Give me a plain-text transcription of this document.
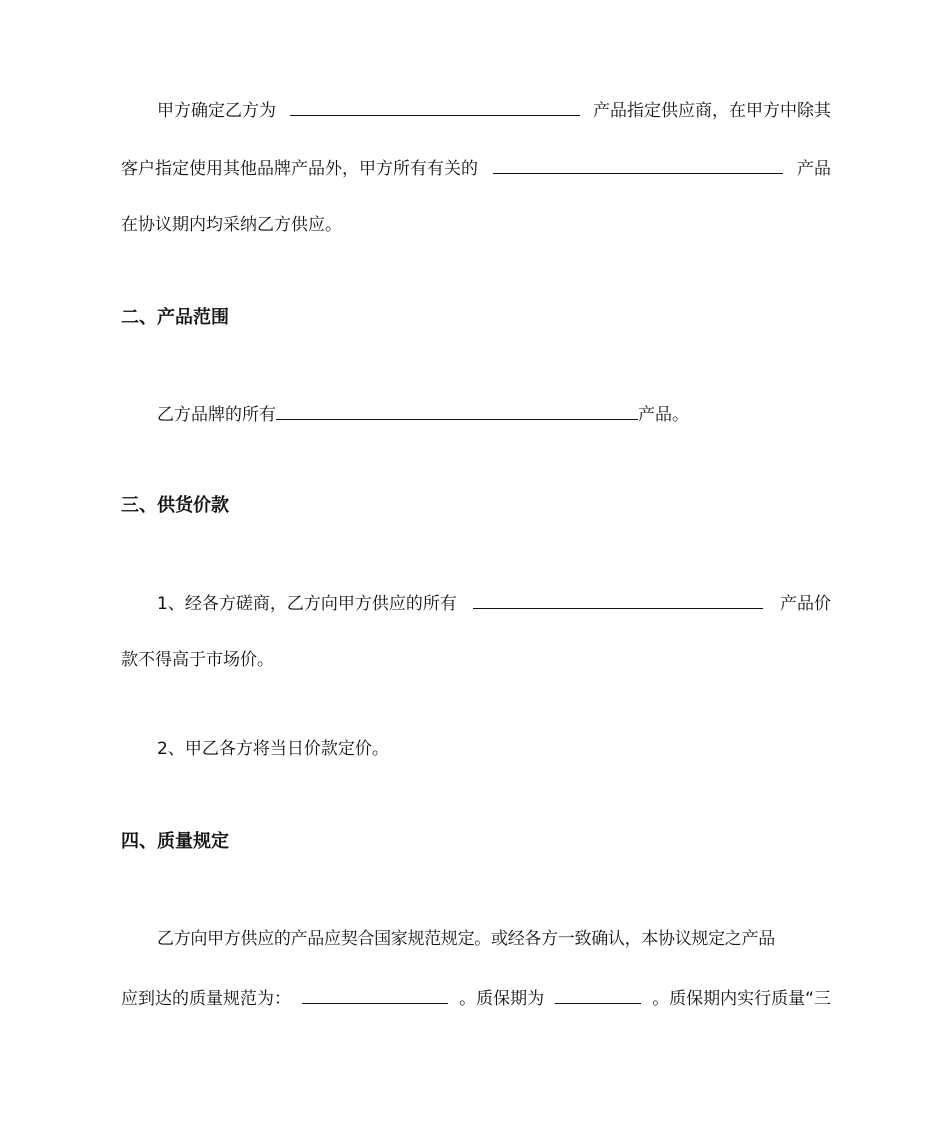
甲方确定乙方为	产品指定供应商，在甲方中除其
客户指定使用其他品牌产品外，甲方所有有关的	产品
在协议期内均采纳乙方供应。
二、产品范围
乙方品牌的所有	产品。
三、供货价款
1、经各方磋商，乙方向甲方供应的所有	产品价
款不得高于市场价。
2、甲乙各方将当日价款定价。
四、质量规定
乙方向甲方供应的产品应契合国家规范规定。或经各方一致确认，本协议规定之产品
应到达的质量规范为：	。质保期为	。质保期内实行质量“三
